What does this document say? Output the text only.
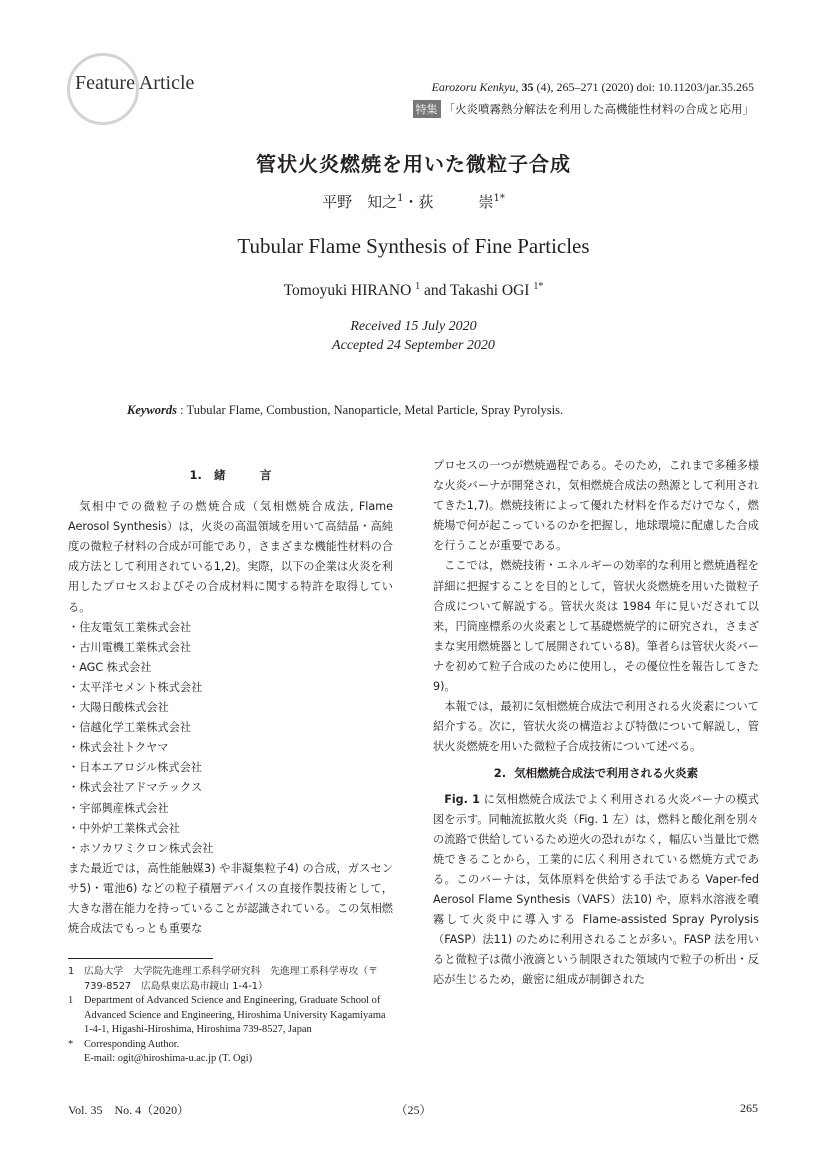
Feature Article	Earozoru Kenkyu, 35 (4), 265–271 (2020) doi: 10.11203/jar.35.265
特集 「火炎噴霧熱分解法を利用した高機能性材料の合成と応用」
管状火炎燃焼を用いた微粒子合成
平野　知之$^1$・荻　　　崇$^{1*}$
Tubular Flame Synthesis of Fine Particles
Tomoyuki HIRANO $^1$ and Takashi OGI $^{1*}$
Received 15 July 2020
Accepted 24 September 2020
Keywords : Tubular Flame, Combustion, Nanoparticle, Metal Particle, Spray Pyrolysis.
1. 緒　　　言

気相中での微粒子の燃焼合成（気相燃焼合成法, Flame Aerosol Synthesis）は，火炎の高温領域を用いて高結晶・高純度の微粒子材料の合成が可能であり，さまざまな機能性材料の合成方法として利用されている1,2)。実際，以下の企業は火炎を利用したプロセスおよびその合成材料に関する特許を取得している。

・住友電気工業株式会社
・古川電機工業株式会社
・AGC 株式会社
・太平洋セメント株式会社
・大陽日酸株式会社
・信越化学工業株式会社
・株式会社トクヤマ
・日本エアロジル株式会社
・株式会社アドマテックス
・宇部興産株式会社
・中外炉工業株式会社
・ホソカワミクロン株式会社

また最近では，高性能触媒3) や非凝集粒子4) の合成，ガスセンサ5)・電池6) などの粒子積層デバイスの直接作製技術として，大きな潜在能力を持っていることが認識されている。この気相燃焼合成法でもっとも重要な

1 広島大学　大学院先進理工系科学研究科　先進理工系科学専攻（〒 739-8527　広島県東広島市鏡山 1-4-1）
1	Department of Advanced Science and Engineering, Graduate School of Advanced Science and Engineering, Hiroshima University Kagamiyama 1-4-1, Higashi-Hiroshima, Hiroshima 739-8527, Japan
*	Corresponding Author.
E-mail: ogit@hiroshima-u.ac.jp (T. Ogi)

プロセスの一つが燃焼過程である。そのため，これまで多種多様な火炎バーナが開発され，気相燃焼合成法の熱源として利用されてきた1,7)。燃焼技術によって優れた材料を作るだけでなく，燃焼場で何が起こっているのかを把握し，地球環境に配慮した合成を行うことが重要である。

ここでは，燃焼技術・エネルギーの効率的な利用と燃焼過程を詳細に把握することを目的として，管状火炎燃焼を用いた微粒子合成について解説する。管状火炎は 1984 年に見いだされて以来，円筒座標系の火炎素として基礎燃焼学的に研究され，さまざまな実用燃焼器として展開されている8)。筆者らは管状火炎バーナを初めて粒子合成のために使用し，その優位性を報告してきた9)。

本報では，最初に気相燃焼合成法で利用される火炎素について紹介する。次に，管状火炎の構造および特徴について解説し，管状火炎燃焼を用いた微粒子合成技術について述べる。

2. 気相燃焼合成法で利用される火炎素

Fig. 1 に気相燃焼合成法でよく利用される火炎バーナの模式図を示す。同軸流拡散火炎（Fig. 1 左）は，燃料と酸化剤を別々の流路で供給しているため逆火の恐れがなく，幅広い当量比で燃焼できることから，工業的に広く利用されている燃焼方式である。このバーナは，気体原料を供給する手法である Vaper-fed Aerosol Flame Synthesis（VAFS）法10) や，原料水溶液を噴霧して火炎中に導入する Flame-assisted Spray Pyrolysis（FASP）法11) のために利用されることが多い。FASP 法を用いると微粒子は微小液滴という制限された領域内で粒子の析出・反応が生じるため，厳密に組成が制御された

Vol. 35　No. 4（2020）	（25）	265
